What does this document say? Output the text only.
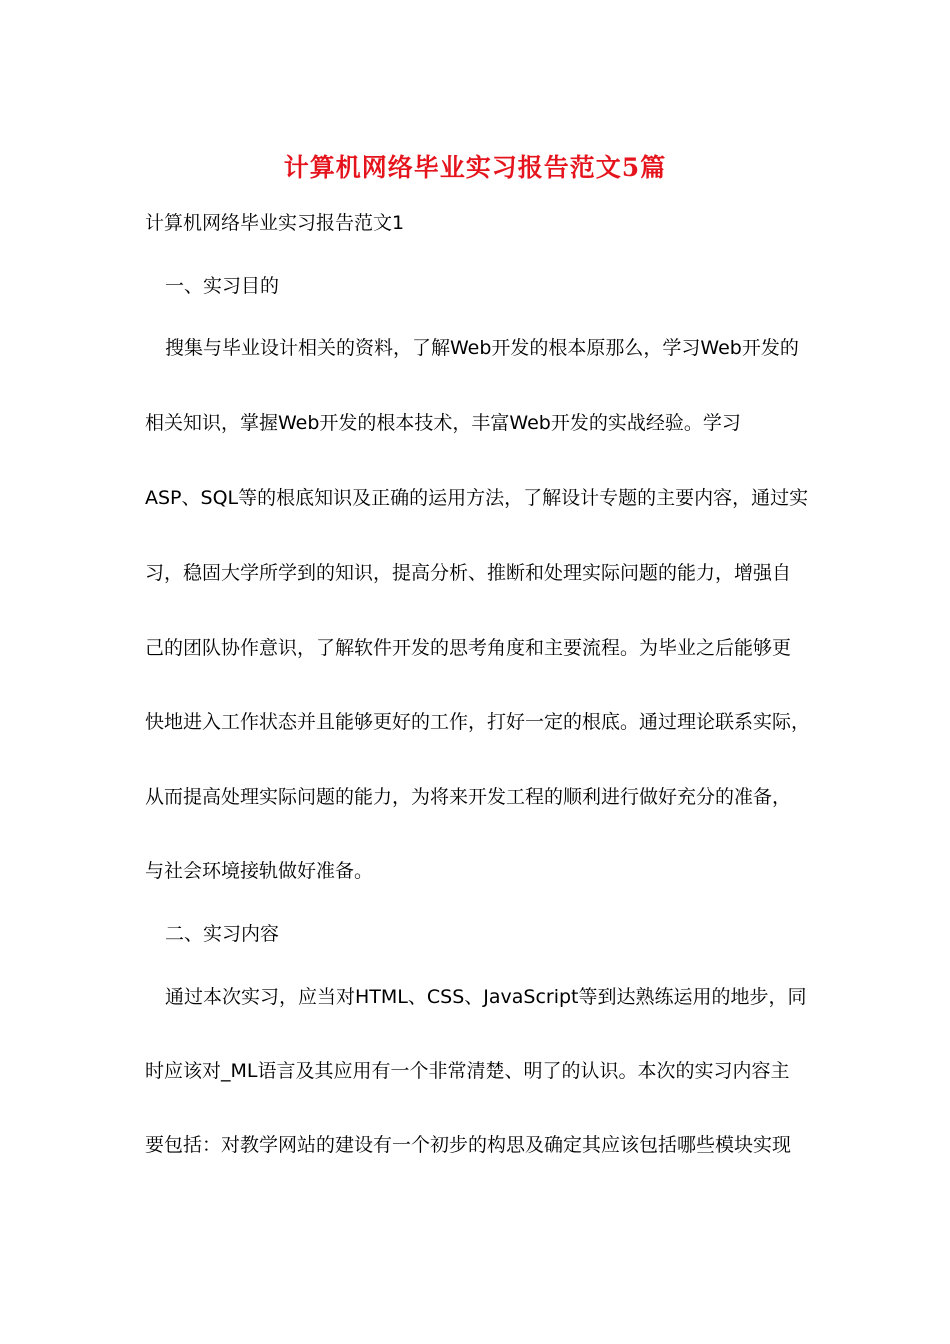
计算机网络毕业实习报告范文5篇
计算机网络毕业实习报告范文1
一、实习目的
搜集与毕业设计相关的资料，了解Web开发的根本原那么，学习Web开发的
相关知识，掌握Web开发的根本技术，丰富Web开发的实战经验。学习
ASP、SQL等的根底知识及正确的运用方法，了解设计专题的主要内容，通过实
习，稳固大学所学到的知识，提高分析、推断和处理实际问题的能力，增强自
己的团队协作意识，了解软件开发的思考角度和主要流程。为毕业之后能够更
快地进入工作状态并且能够更好的工作，打好一定的根底。通过理论联系实际，
从而提高处理实际问题的能力，为将来开发工程的顺利进行做好充分的准备，
与社会环境接轨做好准备。
二、实习内容
通过本次实习，应当对HTML、CSS、JavaScript等到达熟练运用的地步，同
时应该对_ML语言及其应用有一个非常清楚、明了的认识。本次的实习内容主
要包括：对教学网站的建设有一个初步的构思及确定其应该包括哪些模块实现
